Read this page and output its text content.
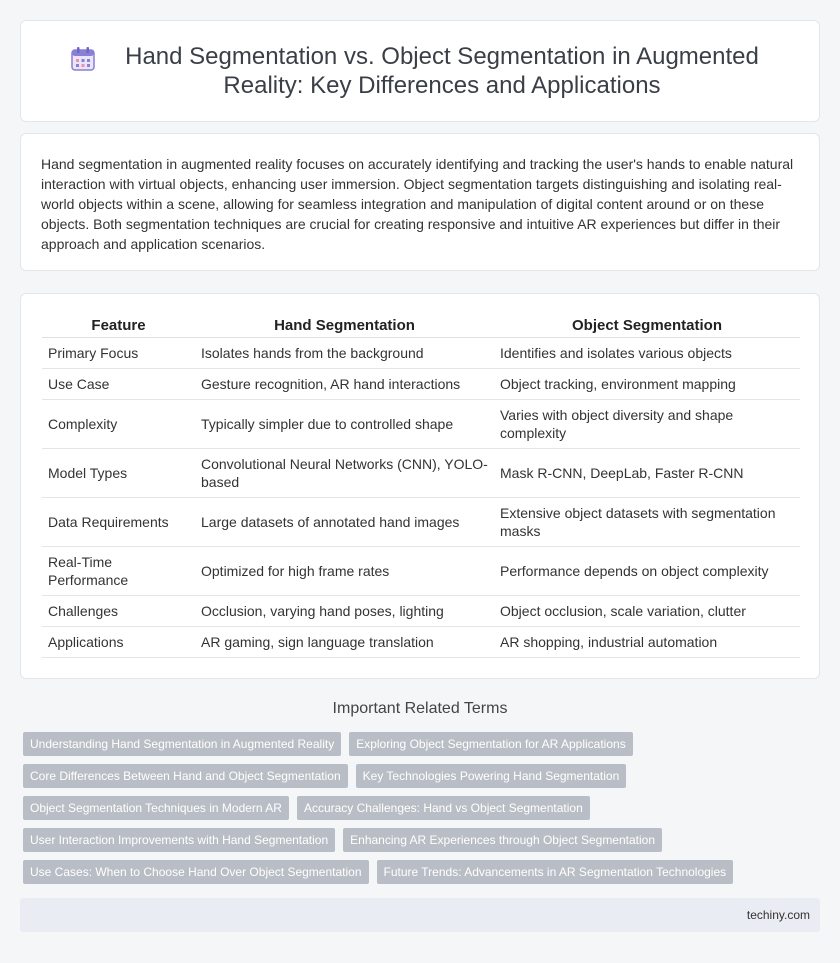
Hand Segmentation vs. Object Segmentation in Augmented Reality: Key Differences and Applications

Hand segmentation in augmented reality focuses on accurately identifying and tracking the user's hands to enable natural interaction with virtual objects, enhancing user immersion. Object segmentation targets distinguishing and isolating real-world objects within a scene, allowing for seamless integration and manipulation of digital content around or on these objects. Both segmentation techniques are crucial for creating responsive and intuitive AR experiences but differ in their approach and application scenarios.

Feature	Hand Segmentation	Object Segmentation
Primary Focus	Isolates hands from the background	Identifies and isolates various objects
Use Case	Gesture recognition, AR hand interactions	Object tracking, environment mapping
Complexity	Typically simpler due to controlled shape	Varies with object diversity and shape complexity
Model Types	Convolutional Neural Networks (CNN), YOLO-based	Mask R-CNN, DeepLab, Faster R-CNN
Data Requirements	Large datasets of annotated hand images	Extensive object datasets with segmentation masks
Real-Time Performance	Optimized for high frame rates	Performance depends on object complexity
Challenges	Occlusion, varying hand poses, lighting	Object occlusion, scale variation, clutter
Applications	AR gaming, sign language translation	AR shopping, industrial automation
Important Related Terms
Understanding Hand Segmentation in Augmented Reality	Exploring Object Segmentation for AR Applications
Core Differences Between Hand and Object Segmentation	Key Technologies Powering Hand Segmentation
Object Segmentation Techniques in Modern AR	Accuracy Challenges: Hand vs Object Segmentation
User Interaction Improvements with Hand Segmentation	Enhancing AR Experiences through Object Segmentation
Use Cases: When to Choose Hand Over Object Segmentation	Future Trends: Advancements in AR Segmentation Technologies
techiny.com
